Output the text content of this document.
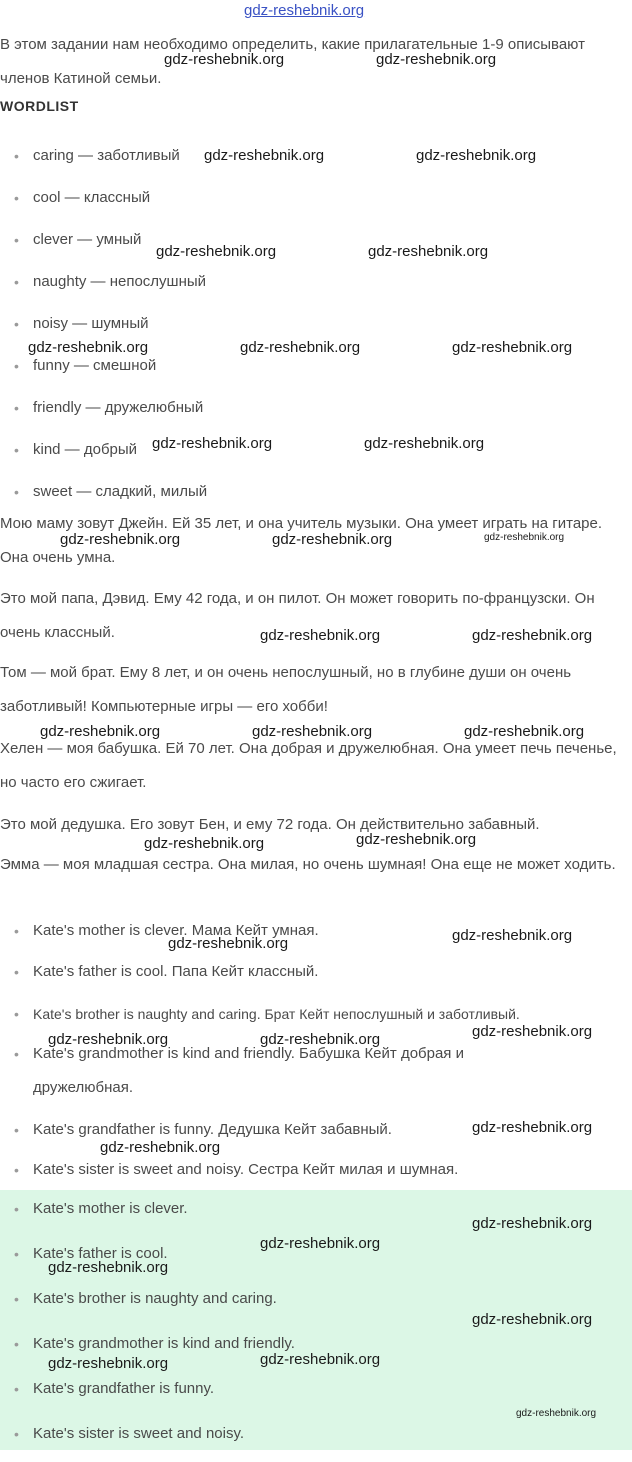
В этом задании нам необходимо определить, какие прилагательные 1-9 описывают членов Катиной семьи.

WORDLIST
• caring — заботливый
• cool — классный
• clever — умный
• naughty — непослушный
• noisy — шумный
• funny — смешной
• friendly — дружелюбный
• kind — добрый
• sweet — сладкий, милый

Мою маму зовут Джейн. Ей 35 лет, и она учитель музыки. Она умеет играть на гитаре. Она очень умна.

Это мой папа, Дэвид. Ему 42 года, и он пилот. Он может говорить по-французски. Он очень классный.

Том — мой брат. Ему 8 лет, и он очень непослушный, но в глубине души он очень заботливый! Компьютерные игры — его хобби!

Хелен — моя бабушка. Ей 70 лет. Она добрая и дружелюбная. Она умеет печь печенье, но часто его сжигает.

Это мой дедушка. Его зовут Бен, и ему 72 года. Он действительно забавный.

Эмма — моя младшая сестра. Она милая, но очень шумная! Она еще не может ходить.

• Kate's mother is clever. Мама Кейт умная.
• Kate's father is cool. Папа Кейт классный.
• Kate's brother is naughty and caring. Брат Кейт непослушный и заботливый.
• Kate's grandmother is kind and friendly. Бабушка Кейт добрая и дружелюбная.
• Kate's grandfather is funny. Дедушка Кейт забавный.
• Kate's sister is sweet and noisy. Сестра Кейт милая и шумная.
• Kate's mother is clever.
• Kate's father is cool.
• Kate's brother is naughty and caring.
• Kate's grandmother is kind and friendly.
• Kate's grandfather is funny.
• Kate's sister is sweet and noisy.
gdz-reshebnik.org
gdz-reshebnik.org	gdz-reshebnik.org
gdz-reshebnik.org	gdz-reshebnik.org
gdz-reshebnik.org	gdz-reshebnik.org
gdz-reshebnik.org	gdz-reshebnik.org	gdz-reshebnik.org
gdz-reshebnik.org	gdz-reshebnik.org
gdz-reshebnik.org	gdz-reshebnik.org	gdz-reshebnik.org
gdz-reshebnik.org	gdz-reshebnik.org
gdz-reshebnik.org	gdz-reshebnik.org	gdz-reshebnik.org
gdz-reshebnik.org	gdz-reshebnik.org
gdz-reshebnik.org	gdz-reshebnik.org
gdz-reshebnik.org	gdz-reshebnik.org	gdz-reshebnik.org
gdz-reshebnik.org
gdz-reshebnik.org
gdz-reshebnik.org
gdz-reshebnik.org
gdz-reshebnik.org
gdz-reshebnik.org
gdz-reshebnik.org
gdz-reshebnik.org
gdz-reshebnik.org
